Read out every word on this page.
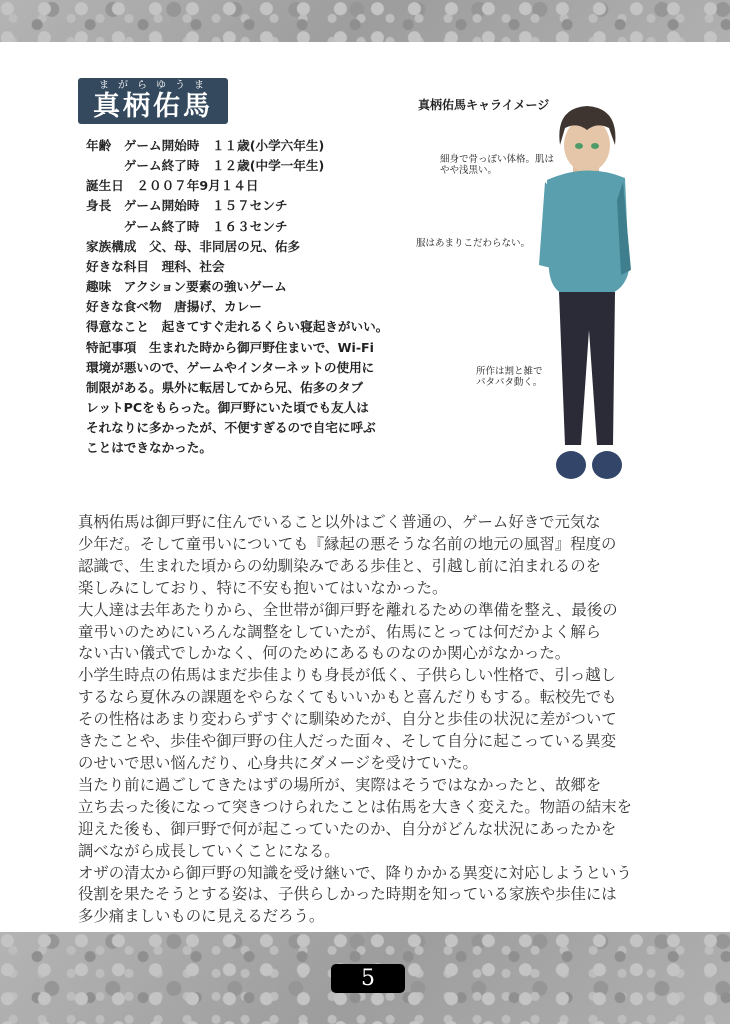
まがらゆうま
真柄佑馬
年齢　ゲーム開始時　１１歳(小学六年生)
　　　ゲーム終了時　１２歳(中学一年生)
誕生日　２００７年9月１４日
身長　ゲーム開始時　１５７センチ
　　　ゲーム終了時　１６３センチ
家族構成　父、母、非同居の兄、佑多
好きな科目　理科、社会
趣味　アクション要素の強いゲーム
好きな食べ物　唐揚げ、カレー
得意なこと　起きてすぐ走れるくらい寝起きがいい。
特記事項　生まれた時から御戸野住まいで、Wi-Fi
環境が悪いので、ゲームやインターネットの使用に
制限がある。県外に転居してから兄、佑多のタブ
レットPCをもらった。御戸野にいた頃でも友人は
それなりに多かったが、不便すぎるので自宅に呼ぶ
ことはできなかった。
真柄佑馬キャライメージ
細身で骨っぽい体格。肌は
やや浅黒い。
服はあまりこだわらない。
所作は割と雑で
パタパタ動く。
真柄佑馬は御戸野に住んでいること以外はごく普通の、ゲーム好きで元気な
少年だ。そして童弔いについても『縁起の悪そうな名前の地元の風習』程度の
認識で、生まれた頃からの幼馴染みである歩佳と、引越し前に泊まれるのを
楽しみにしており、特に不安も抱いてはいなかった。
大人達は去年あたりから、全世帯が御戸野を離れるための準備を整え、最後の
童弔いのためにいろんな調整をしていたが、佑馬にとっては何だかよく解ら
ない古い儀式でしかなく、何のためにあるものなのか関心がなかった。
小学生時点の佑馬はまだ歩佳よりも身長が低く、子供らしい性格で、引っ越し
するなら夏休みの課題をやらなくてもいいかもと喜んだりもする。転校先でも
その性格はあまり変わらずすぐに馴染めたが、自分と歩佳の状況に差がついて
きたことや、歩佳や御戸野の住人だった面々、そして自分に起こっている異変
のせいで思い悩んだり、心身共にダメージを受けていた。
当たり前に過ごしてきたはずの場所が、実際はそうではなかったと、故郷を
立ち去った後になって突きつけられたことは佑馬を大きく変えた。物語の結末を
迎えた後も、御戸野で何が起こっていたのか、自分がどんな状況にあったかを
調べながら成長していくことになる。
オザの清太から御戸野の知識を受け継いで、降りかかる異変に対応しようという
役割を果たそうとする姿は、子供らしかった時期を知っている家族や歩佳には
多少痛ましいものに見えるだろう。
5
